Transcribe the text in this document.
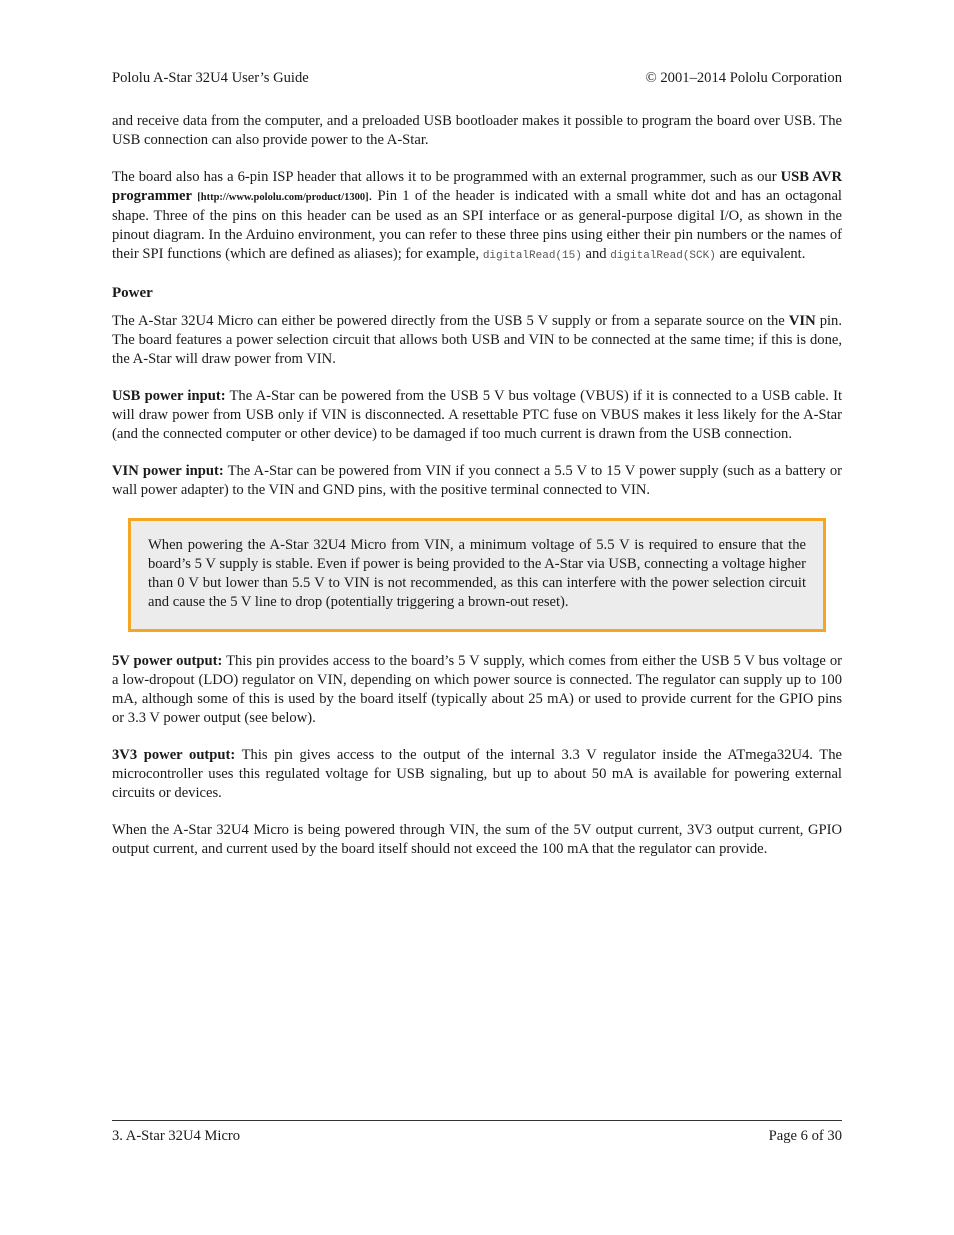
Pololu A-Star 32U4 User’s Guide	© 2001–2014 Pololu Corporation

and receive data from the computer, and a preloaded USB bootloader makes it possible to program the board over USB. The USB connection can also provide power to the A-Star.

The board also has a 6-pin ISP header that allows it to be programmed with an external programmer, such as our USB AVR programmer [http://www.pololu.com/product/1300]. Pin 1 of the header is indicated with a small white dot and has an octagonal shape. Three of the pins on this header can be used as an SPI interface or as general-purpose digital I/O, as shown in the pinout diagram. In the Arduino environment, you can refer to these three pins using either their pin numbers or the names of their SPI functions (which are defined as aliases); for example, digitalRead(15) and digitalRead(SCK) are equivalent.

Power

The A-Star 32U4 Micro can either be powered directly from the USB 5 V supply or from a separate source on the VIN pin. The board features a power selection circuit that allows both USB and VIN to be connected at the same time; if this is done, the A-Star will draw power from VIN.

USB power input: The A-Star can be powered from the USB 5 V bus voltage (VBUS) if it is connected to a USB cable. It will draw power from USB only if VIN is disconnected. A resettable PTC fuse on VBUS makes it less likely for the A-Star (and the connected computer or other device) to be damaged if too much current is drawn from the USB connection.

VIN power input: The A-Star can be powered from VIN if you connect a 5.5 V to 15 V power supply (such as a battery or wall power adapter) to the VIN and GND pins, with the positive terminal connected to VIN.

When powering the A-Star 32U4 Micro from VIN, a minimum voltage of 5.5 V is required to ensure that the board’s 5 V supply is stable. Even if power is being provided to the A-Star via USB, connecting a voltage higher than 0 V but lower than 5.5 V to VIN is not recommended, as this can interfere with the power selection circuit and cause the 5 V line to drop (potentially triggering a brown-out reset).

5V power output: This pin provides access to the board’s 5 V supply, which comes from either the USB 5 V bus voltage or a low-dropout (LDO) regulator on VIN, depending on which power source is connected. The regulator can supply up to 100 mA, although some of this is used by the board itself (typically about 25 mA) or used to provide current for the GPIO pins or 3.3 V power output (see below).

3V3 power output: This pin gives access to the output of the internal 3.3 V regulator inside the ATmega32U4. The microcontroller uses this regulated voltage for USB signaling, but up to about 50 mA is available for powering external circuits or devices.

When the A-Star 32U4 Micro is being powered through VIN, the sum of the 5V output current, 3V3 output current, GPIO output current, and current used by the board itself should not exceed the 100 mA that the regulator can provide.

3. A-Star 32U4 Micro	Page 6 of 30
